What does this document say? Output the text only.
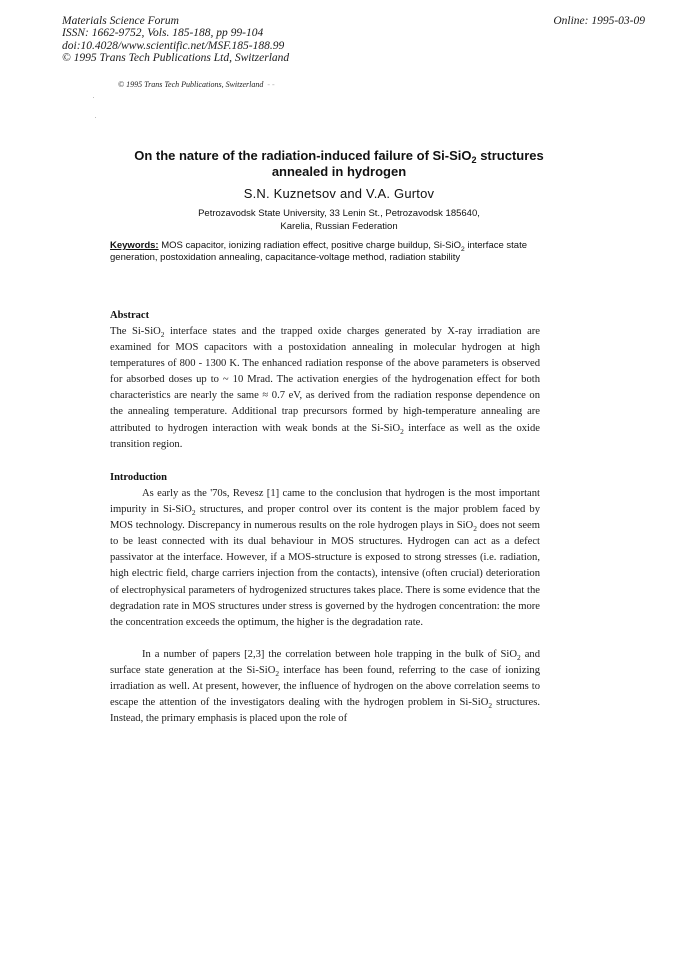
Materials Science Forum
ISSN: 1662-9752, Vols. 185-188, pp 99-104
doi:10.4028/www.scientific.net/MSF.185-188.99
© 1995 Trans Tech Publications Ltd, Switzerland
Online: 1995-03-09
© 1995 Trans Tech Publications, Switzerland - -
On the nature of the radiation-induced failure of Si-SiO$_2$ structures
annealed in hydrogen
S.N. Kuznetsov and V.A. Gurtov
Petrozavodsk State University, 33 Lenin St., Petrozavodsk 185640,
Karelia, Russian Federation
Keywords: MOS capacitor, ionizing radiation effect, positive charge buildup, Si-SiO$_2$ interface state generation, postoxidation annealing, capacitance-voltage method, radiation stability
Abstract
The Si-SiO$_2$ interface states and the trapped oxide charges generated by X-ray irradiation are examined for MOS capacitors with a postoxidation annealing in molecular hydrogen at high temperatures of 800 - 1300 K. The enhanced radiation response of the above parameters is observed for absorbed doses up to ~ 10 Mrad. The activation energies of the hydrogenation effect for both characteristics are nearly the same ≈ 0.7 eV, as derived from the radiation response dependence on the annealing temperature. Additional trap precursors formed by high-temperature annealing are attributed to hydrogen interaction with weak bonds at the Si-SiO$_2$ interface as well as the oxide transition region.
Introduction
As early as the '70s, Revesz [1] came to the conclusion that hydrogen is the most important impurity in Si-SiO$_2$ structures, and proper control over its content is the major problem faced by MOS technology. Discrepancy in numerous results on the role hydrogen plays in SiO$_2$ does not seem to be least connected with its dual behaviour in MOS structures. Hydrogen can act as a defect passivator at the interface. However, if a MOS-structure is exposed to strong stresses (i.e. radiation, high electric field, charge carriers injection from the contacts), intensive (often crucial) deterioration of electrophysical parameters of hydrogenized structures takes place. There is some evidence that the degradation rate in MOS structures under stress is governed by the hydrogen concentration: the more the concentration exceeds the optimum, the higher is the degradation rate.
In a number of papers [2,3] the correlation between hole trapping in the bulk of SiO$_2$ and surface state generation at the Si-SiO$_2$ interface has been found, referring to the case of ionizing irradiation as well. At present, however, the influence of hydrogen on the above correlation seems to escape the attention of the investigators dealing with the hydrogen problem in Si-SiO$_2$ structures. Instead, the primary emphasis is placed upon the role of
